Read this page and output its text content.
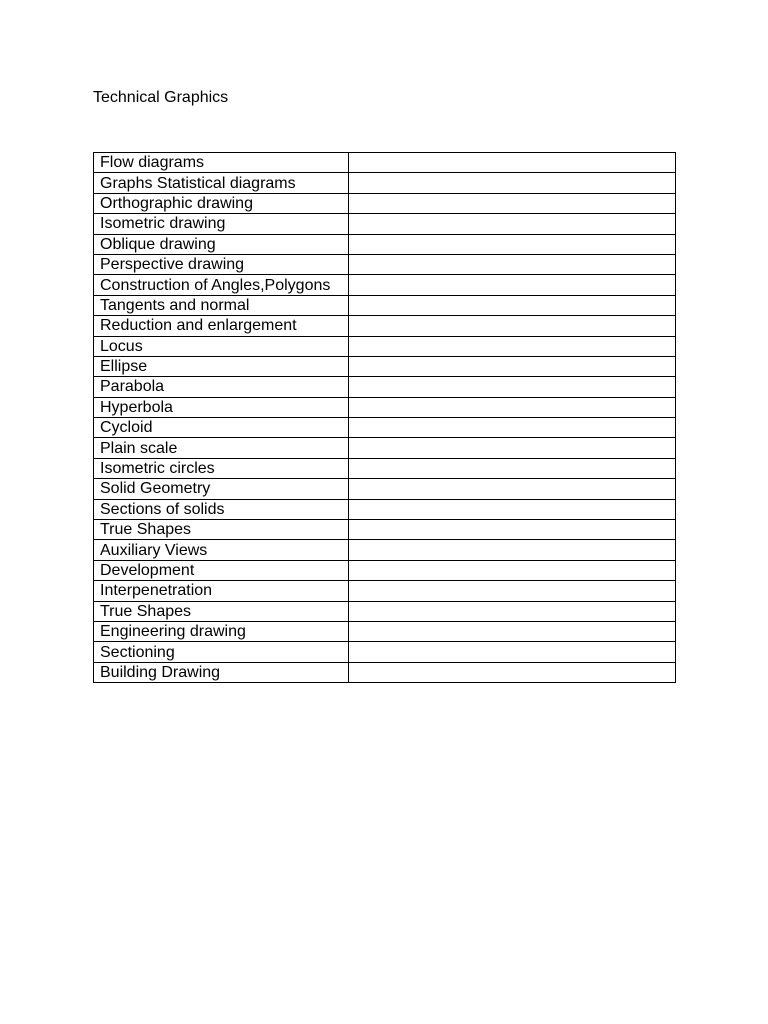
Technical Graphics
Flow diagrams	
Graphs Statistical diagrams	
Orthographic drawing	
Isometric drawing	
Oblique drawing	
Perspective drawing	
Construction of Angles,Polygons	
Tangents and normal	
Reduction and enlargement	
Locus	
Ellipse	
Parabola	
Hyperbola	
Cycloid	
Plain scale	
Isometric circles	
Solid Geometry	
Sections of solids	
True Shapes	
Auxiliary Views	
Development	
Interpenetration	
True Shapes	
Engineering drawing	
Sectioning	
Building Drawing	
